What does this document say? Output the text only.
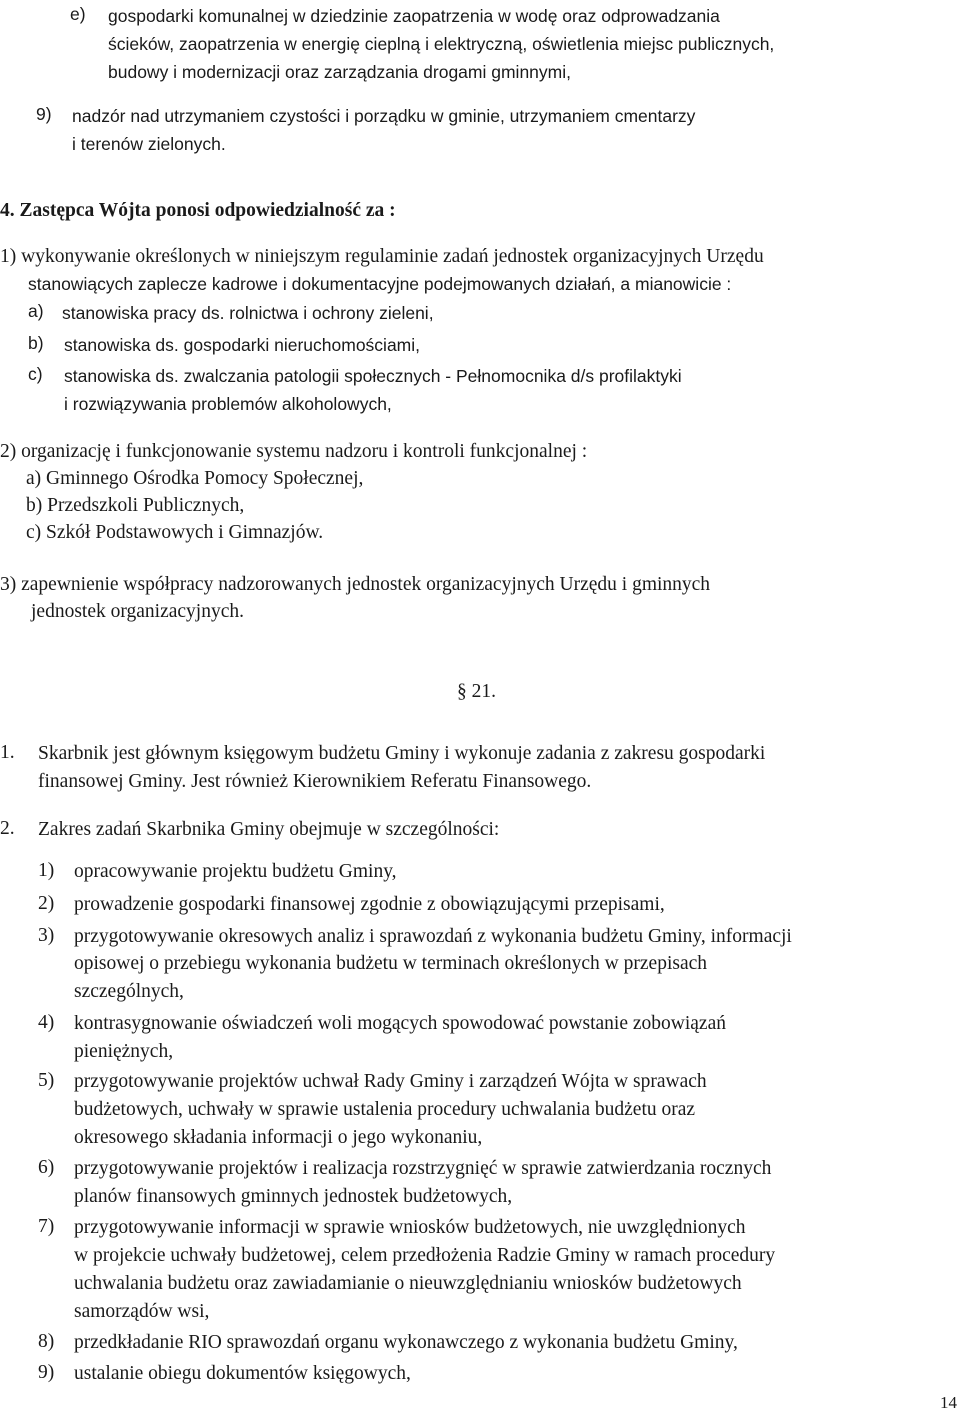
e) gospodarki komunalnej w dziedzinie zaopatrzenia w wodę oraz odprowadzania
ścieków, zaopatrzenia w energię cieplną i elektryczną, oświetlenia miejsc publicznych,
budowy i modernizacji oraz zarządzania drogami gminnymi,
9) nadzór nad utrzymaniem czystości i porządku w gminie, utrzymaniem cmentarzy
i terenów zielonych.
4. Zastępca Wójta ponosi odpowiedzialność za :
1) wykonywanie określonych w niniejszym regulaminie zadań jednostek organizacyjnych Urzędu
stanowiących zaplecze kadrowe i dokumentacyjne podejmowanych działań, a mianowicie :
a) stanowiska pracy ds. rolnictwa i ochrony zieleni,
b) stanowiska ds. gospodarki nieruchomościami,
c) stanowiska ds. zwalczania patologii społecznych - Pełnomocnika d/s profilaktyki
i rozwiązywania problemów alkoholowych,
2) organizację i funkcjonowanie systemu nadzoru i kontroli funkcjonalnej :
a) Gminnego Ośrodka Pomocy Społecznej,
b) Przedszkoli Publicznych,
c) Szkół Podstawowych i Gimnazjów.
3) zapewnienie współpracy nadzorowanych jednostek organizacyjnych Urzędu i gminnych
jednostek organizacyjnych.
§ 21.
1. Skarbnik jest głównym księgowym budżetu Gminy i wykonuje zadania z zakresu gospodarki
finansowej Gminy. Jest również Kierownikiem Referatu Finansowego.
2. Zakres zadań Skarbnika Gminy obejmuje w szczególności:
1) opracowywanie projektu budżetu Gminy,
2) prowadzenie gospodarki finansowej zgodnie z obowiązującymi przepisami,
3) przygotowywanie okresowych analiz i sprawozdań z wykonania budżetu Gminy, informacji
opisowej o przebiegu wykonania budżetu w terminach określonych w przepisach
szczególnych,
4) kontrasygnowanie oświadczeń woli mogących spowodować powstanie zobowiązań
pieniężnych,
5) przygotowywanie projektów uchwał Rady Gminy i zarządzeń Wójta w sprawach
budżetowych, uchwały w sprawie ustalenia procedury uchwalania budżetu oraz
okresowego składania informacji o jego wykonaniu,
6) przygotowywanie projektów i realizacja rozstrzygnięć w sprawie zatwierdzania rocznych
planów finansowych gminnych jednostek budżetowych,
7) przygotowywanie informacji w sprawie wniosków budżetowych, nie uwzględnionych
w projekcie uchwały budżetowej, celem przedłożenia Radzie Gminy w ramach procedury
uchwalania budżetu oraz zawiadamianie o nieuwzględnianiu wniosków budżetowych
samorządów wsi,
8) przedkładanie RIO sprawozdań organu wykonawczego z wykonania budżetu Gminy,
9) ustalanie obiegu dokumentów księgowych,
14
